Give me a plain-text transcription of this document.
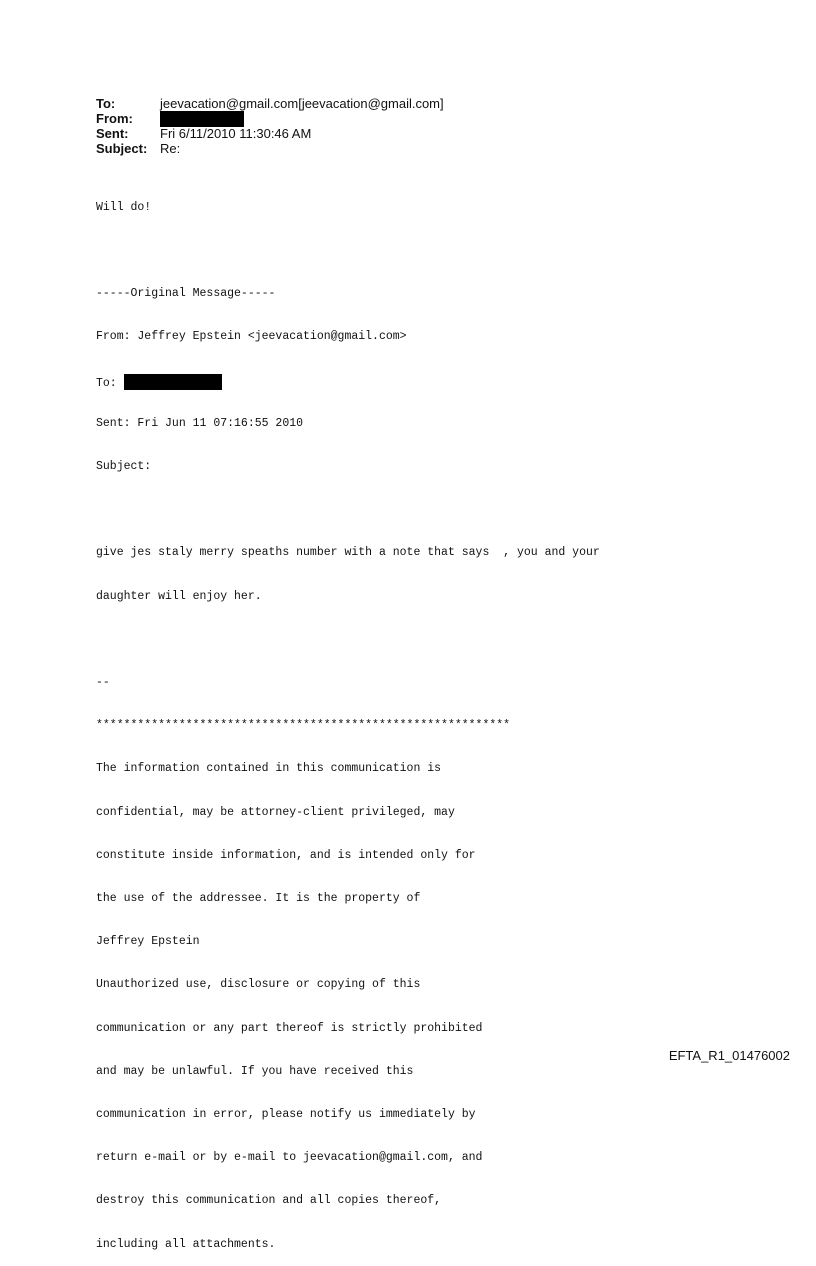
To:	jeevacation@gmail.com[jeevacation@gmail.com]
From:
Sent:	Fri 6/11/2010 11:30:46 AM
Subject: Re:

Will do!

-----Original Message-----

From: Jeffrey Epstein <jeevacation@gmail.com>

To:

Sent: Fri Jun 11 07:16:55 2010

Subject:

give jes staly merry speaths number with a note that says  , you and your

daughter will enjoy her.

--

************************************************************

The information contained in this communication is

confidential, may be attorney-client privileged, may

constitute inside information, and is intended only for

the use of the addressee. It is the property of

Jeffrey Epstein

Unauthorized use, disclosure or copying of this

communication or any part thereof is strictly prohibited

and may be unlawful. If you have received this

communication in error, please notify us immediately by

return e-mail or by e-mail to jeevacation@gmail.com, and

destroy this communication and all copies thereof,

including all attachments.

EFTA_R1_01476002
